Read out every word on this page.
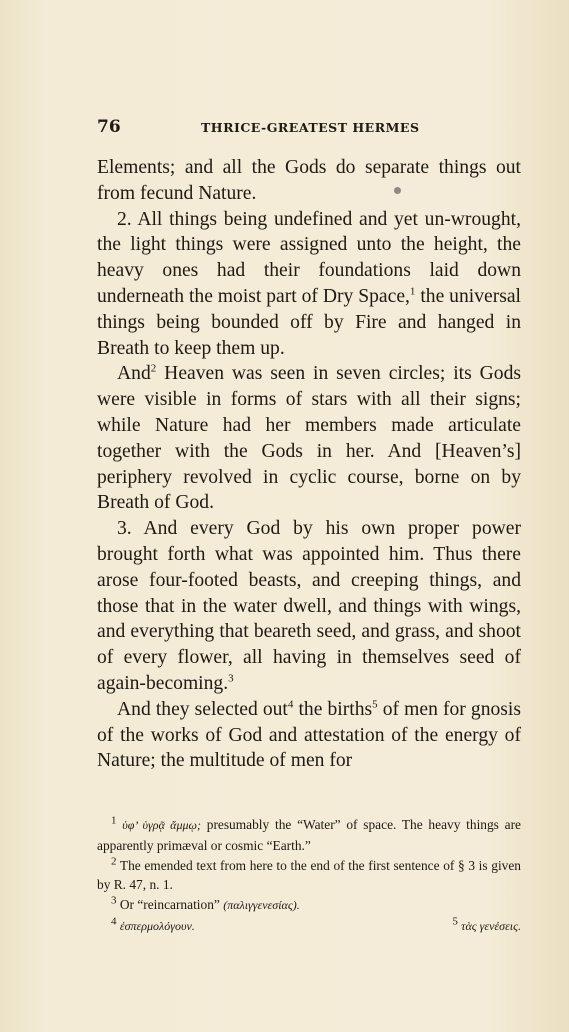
76	THRICE-GREATEST HERMES

Elements; and all the Gods do separate things out from fecund Nature.

2. All things being undefined and yet un-wrought, the light things were assigned unto the height, the heavy ones had their foundations laid down underneath the moist part of Dry Space,$^1$ the universal things being bounded off by Fire and hanged in Breath to keep them up.

And$^2$ Heaven was seen in seven circles; its Gods were visible in forms of stars with all their signs; while Nature had her members made articulate together with the Gods in her. And [Heaven’s] periphery revolved in cyclic course, borne on by Breath of God.

3. And every God by his own proper power brought forth what was appointed him. Thus there arose four-footed beasts, and creeping things, and those that in the water dwell, and things with wings, and everything that beareth seed, and grass, and shoot of every flower, all having in themselves seed of again-becoming.$^3$

And they selected out$^4$ the births$^5$ of men for gnosis of the works of God and attestation of the energy of Nature; the multitude of men for

$^1$ ὑφ’ ὑγρᾷ ἄμμῳ; presumably the “Water” of space. The heavy things are apparently primæval or cosmic “Earth.”

$^2$ The emended text from here to the end of the first sentence of § 3 is given by R. 47, n. 1.

$^3$ Or “reincarnation” (παλιγγενεσίας).

$^4$ ἐσπερμολόγουν.	$^5$ τὰς γενέσεις.
